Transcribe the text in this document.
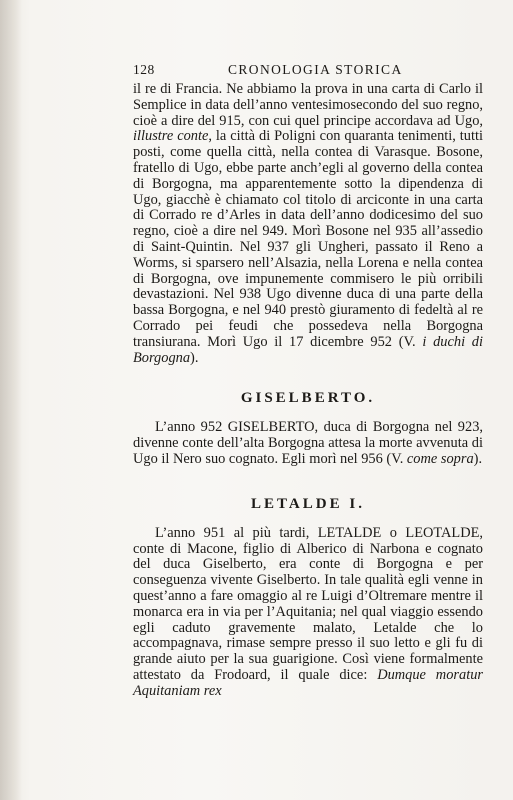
128	CRONOLOGIA STORICA

il re di Francia. Ne abbiamo la prova in una carta di Carlo il Semplice in data dell’anno ventesimosecondo del suo regno, cioè a dire del 915, con cui quel principe accordava ad Ugo, illustre conte, la città di Poligni con quaranta tenimenti, tutti posti, come quella città, nella contea di Varasque. Bosone, fratello di Ugo, ebbe parte anch’egli al governo della contea di Borgogna, ma apparentemente sotto la dipendenza di Ugo, giacchè è chiamato col titolo di arciconte in una carta di Corrado re d’Arles in data dell’anno dodicesimo del suo regno, cioè a dire nel 949. Morì Bosone nel 935 all’assedio di Saint-Quintin. Nel 937 gli Ungheri, passato il Reno a Worms, si sparsero nell’Alsazia, nella Lorena e nella contea di Borgogna, ove impunemente commisero le più orribili devastazioni. Nel 938 Ugo divenne duca di una parte della bassa Borgogna, e nel 940 prestò giuramento di fedeltà al re Corrado pei feudi che possedeva nella Borgogna transiurana. Morì Ugo il 17 dicembre 952 (V. i duchi di Borgogna).

GISELBERTO.

L’anno 952 GISELBERTO, duca di Borgogna nel 923, divenne conte dell’alta Borgogna attesa la morte avvenuta di Ugo il Nero suo cognato. Egli morì nel 956 (V. come sopra).

LETALDE I.

L’anno 951 al più tardi, LETALDE o LEOTALDE, conte di Macone, figlio di Alberico di Narbona e cognato del duca Giselberto, era conte di Borgogna e per conseguenza vivente Giselberto. In tale qualità egli venne in quest’anno a fare omaggio al re Luigi d’Oltremare mentre il monarca era in via per l’Aquitania; nel qual viaggio essendo egli caduto gravemente malato, Letalde che lo accompagnava, rimase sempre presso il suo letto e gli fu di grande aiuto per la sua guarigione. Così viene formalmente attestato da Frodoard, il quale dice: Dumque moratur Aquitaniam rex
